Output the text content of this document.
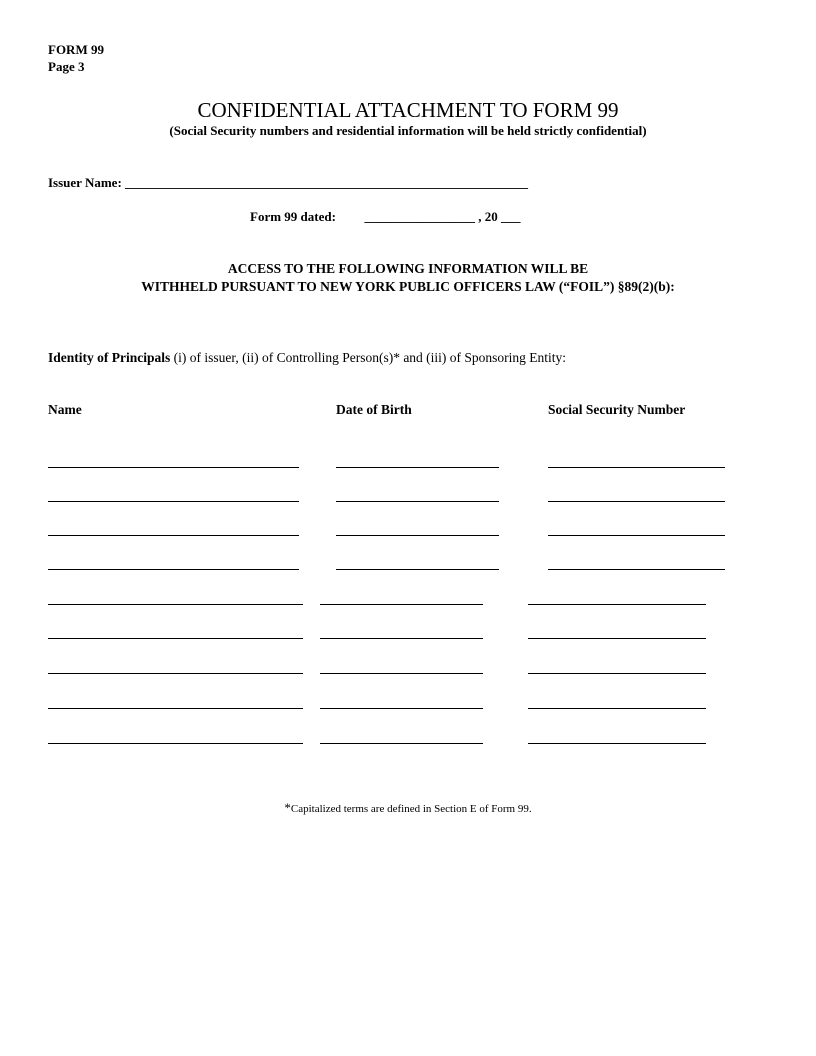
FORM 99
Page 3
CONFIDENTIAL ATTACHMENT TO FORM 99
(Social Security numbers and residential information will be held strictly confidential)
Issuer Name: ______________________________________________________________
Form 99 dated: _________________ , 20 ___
ACCESS TO THE FOLLOWING INFORMATION WILL BE
WITHHELD PURSUANT TO NEW YORK PUBLIC OFFICERS LAW (“FOIL”) §89(2)(b):
Identity of Principals (i) of issuer, (ii) of Controlling Person(s)* and (iii) of Sponsoring Entity:
Name	Date of Birth	Social Security Number
*Capitalized terms are defined in Section E of Form 99.
